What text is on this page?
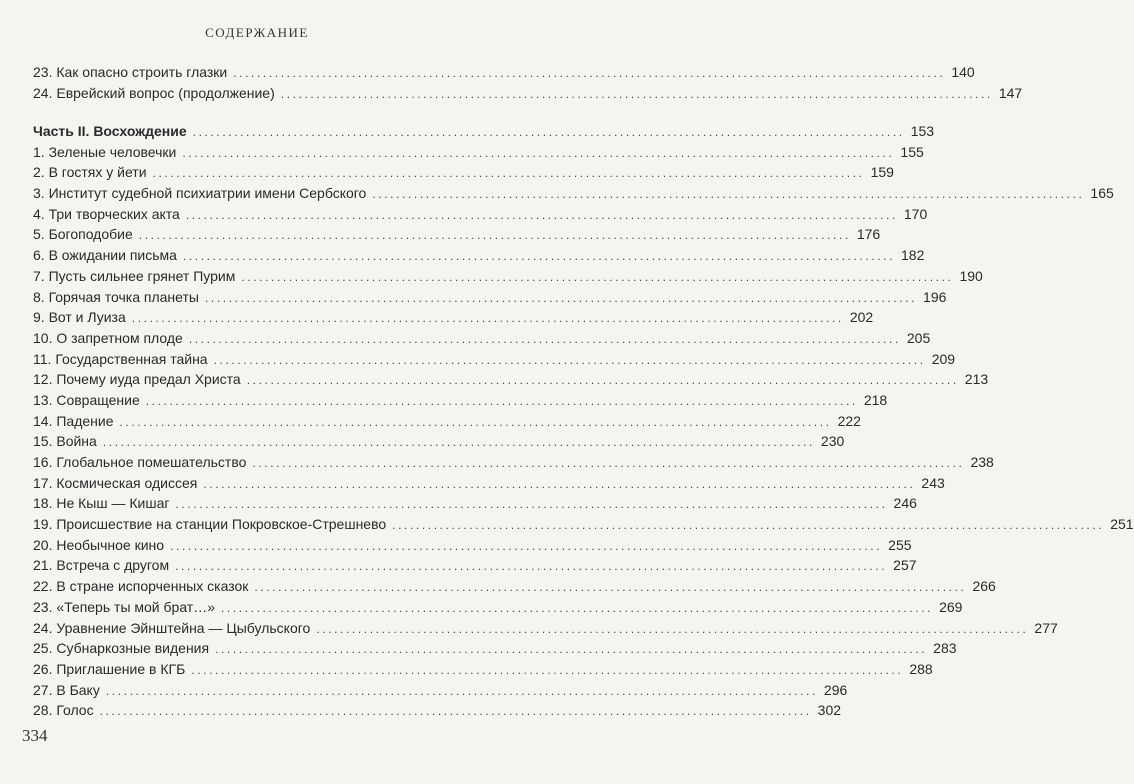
СОДЕРЖАНИЕ
23. Как опасно строить глазки ........................................................................................................................ 140
24. Еврейский вопрос (продолжение) ........................................................................................................................ 147
Часть II. Восхождение ........................................................................................................................ 153
1. Зеленые человечки ........................................................................................................................ 155
2. В гостях у йети ........................................................................................................................ 159
3. Институт судебной психиатрии имени Сербского ........................................................................................................................ 165
4. Три творческих акта ........................................................................................................................ 170
5. Богоподобие ........................................................................................................................ 176
6. В ожидании письма ........................................................................................................................ 182
7. Пусть сильнее грянет Пурим ........................................................................................................................ 190
8. Горячая точка планеты ........................................................................................................................ 196
9. Вот и Луиза ........................................................................................................................ 202
10. О запретном плоде ........................................................................................................................ 205
11. Государственная тайна ........................................................................................................................ 209
12. Почему иуда предал Христа ........................................................................................................................ 213
13. Совращение ........................................................................................................................ 218
14. Падение ........................................................................................................................ 222
15. Война ........................................................................................................................ 230
16. Глобальное помешательство ........................................................................................................................ 238
17. Космическая одиссея ........................................................................................................................ 243
18. Не Кыш — Кишаг ........................................................................................................................ 246
19. Происшествие на станции Покровское-Стрешнево ........................................................................................................................ 251
20. Необычное кино ........................................................................................................................ 255
21. Встреча с другом ........................................................................................................................ 257
22. В стране испорченных сказок ........................................................................................................................ 266
23. «Теперь ты мой брат…» ........................................................................................................................ 269
24. Уравнение Эйнштейна — Цыбульского ........................................................................................................................ 277
25. Субнаркозные видения ........................................................................................................................ 283
26. Приглашение в КГБ ........................................................................................................................ 288
27. В Баку ........................................................................................................................ 296
28. Голос ........................................................................................................................ 302
334
